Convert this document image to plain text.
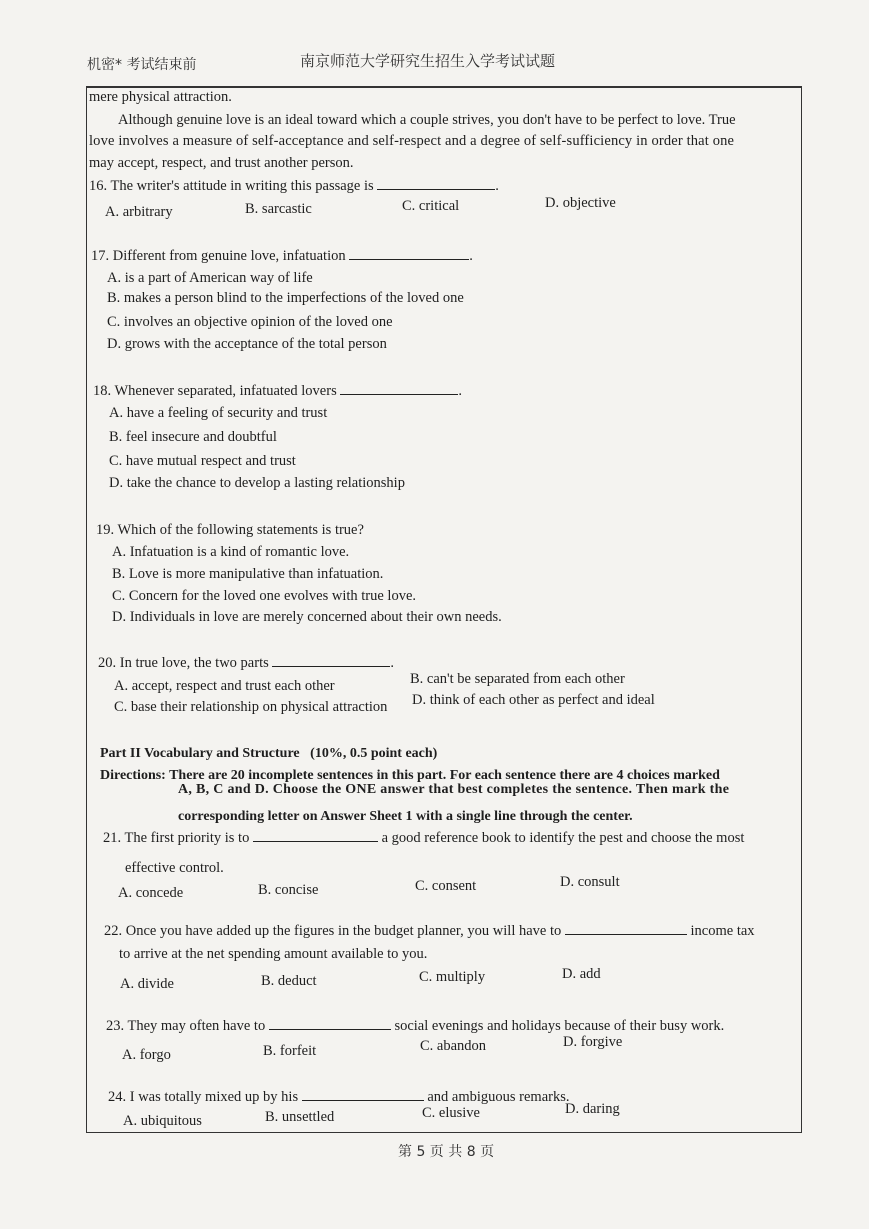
机密* 考试结束前	南京师范大学研究生招生入学考试试题
mere physical attraction.
Although genuine love is an ideal toward which a couple strives, you don't have to be perfect to love. True
love involves a measure of self-acceptance and self-respect and a degree of self-sufficiency in order that one
may accept, respect, and trust another person.
16. The writer's attitude in writing this passage is	.
A. arbitrary	B. sarcastic	C. critical	D. objective
17. Different from genuine love, infatuation	.
A. is a part of American way of life
B. makes a person blind to the imperfections of the loved one
C. involves an objective opinion of the loved one
D. grows with the acceptance of the total person
18. Whenever separated, infatuated lovers	.
A. have a feeling of security and trust
B. feel insecure and doubtful
C. have mutual respect and trust
D. take the chance to develop a lasting relationship
19. Which of the following statements is true?
A. Infatuation is a kind of romantic love.
B. Love is more manipulative than infatuation.
C. Concern for the loved one evolves with true love.
D. Individuals in love are merely concerned about their own needs.
20. In true love, the two parts	.
A. accept, respect and trust each other	B. can't be separated from each other
C. base their relationship on physical attraction D. think of each other as perfect and ideal
Part II Vocabulary and Structure (10%, 0.5 point each)
Directions: There are 20 incomplete sentences in this part. For each sentence there are 4 choices marked
A, B, C and D. Choose the ONE answer that best completes the sentence. Then mark the
corresponding letter on Answer Sheet 1 with a single line through the center.
21. The first priority is to	a good reference book to identify the pest and choose the most
effective control.
A. concede	B. concise	C. consent	D. consult
22. Once you have added up the figures in the budget planner, you will have to	income tax
to arrive at the net spending amount available to you.
A. divide	B. deduct	C. multiply	D. add
23. They may often have to	social evenings and holidays because of their busy work.
A. forgo	B. forfeit	C. abandon	D. forgive
24. I was totally mixed up by his	and ambiguous remarks.
A. ubiquitous	B. unsettled	C. elusive	D. daring
第 5 页 共 8 页
